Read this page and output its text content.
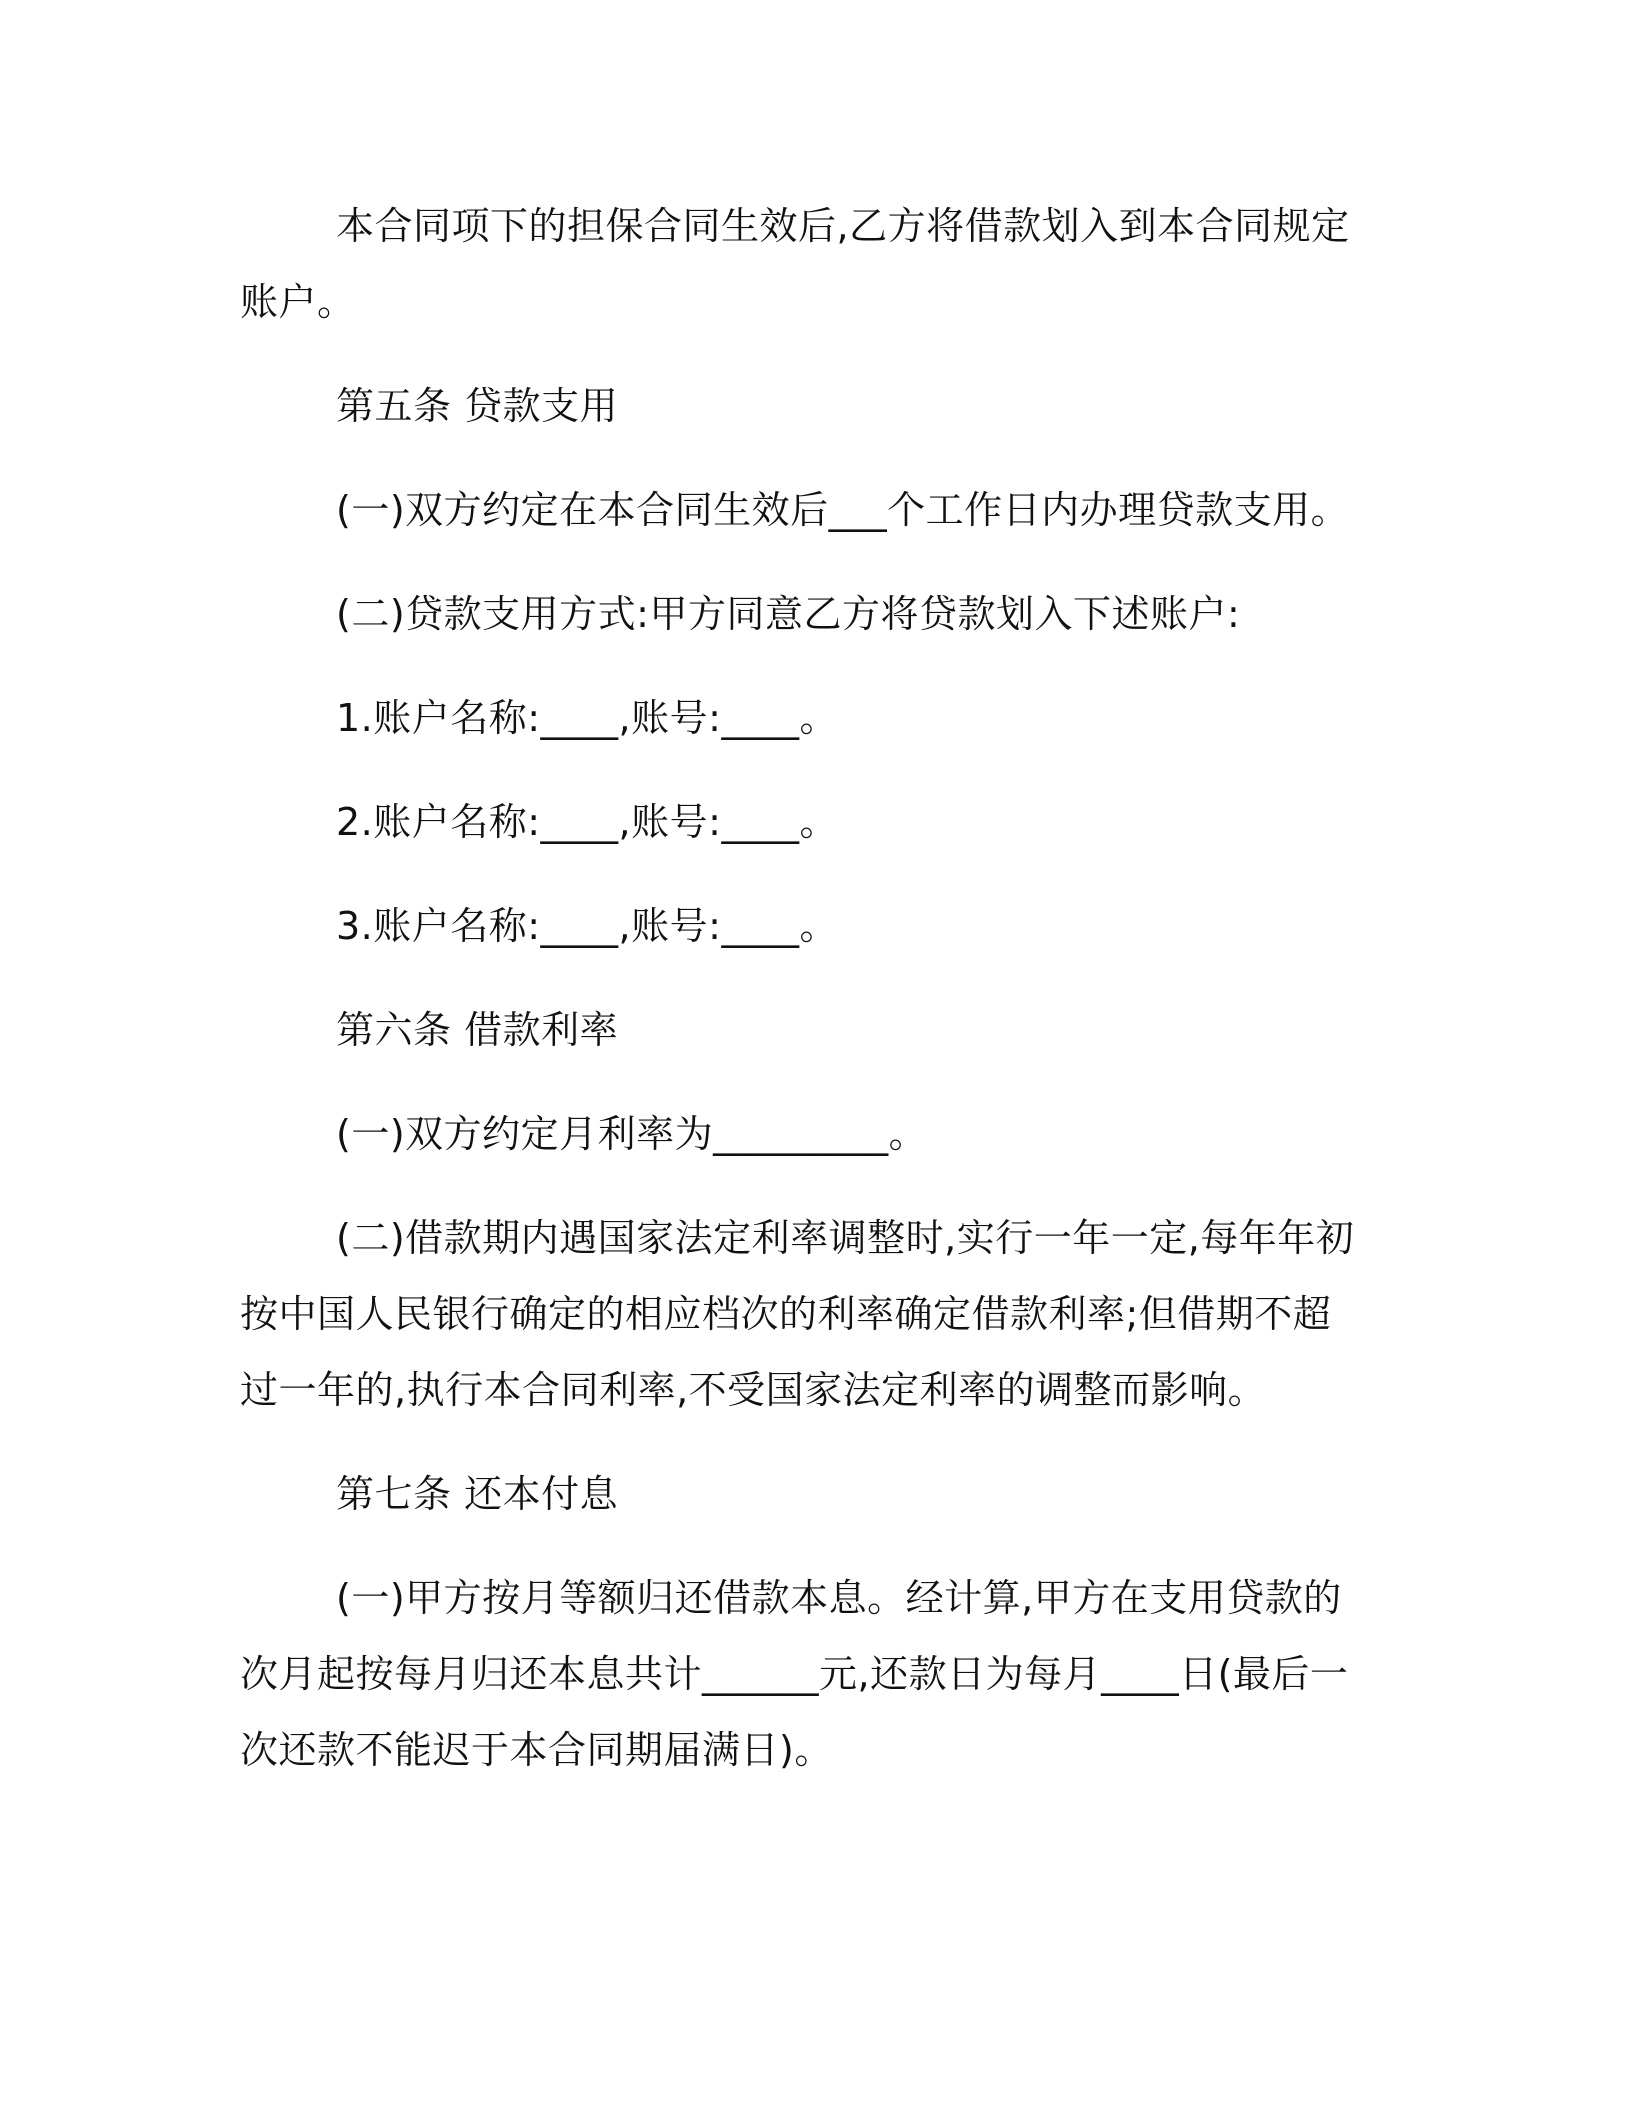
本合同项下的担保合同生效后,乙方将借款划入到本合同规定账户。

第五条 贷款支用

(一)双方约定在本合同生效后___个工作日内办理贷款支用。

(二)贷款支用方式:甲方同意乙方将贷款划入下述账户:

1.账户名称:____,账号:____。

2.账户名称:____,账号:____。

3.账户名称:____,账号:____。

第六条 借款利率

(一)双方约定月利率为_________。

(二)借款期内遇国家法定利率调整时,实行一年一定,每年年初按中国人民银行确定的相应档次的利率确定借款利率;但借期不超过一年的,执行本合同利率,不受国家法定利率的调整而影响。

第七条 还本付息

(一)甲方按月等额归还借款本息。经计算,甲方在支用贷款的次月起按每月归还本息共计______元,还款日为每月____日(最后一次还款不能迟于本合同期届满日)。
